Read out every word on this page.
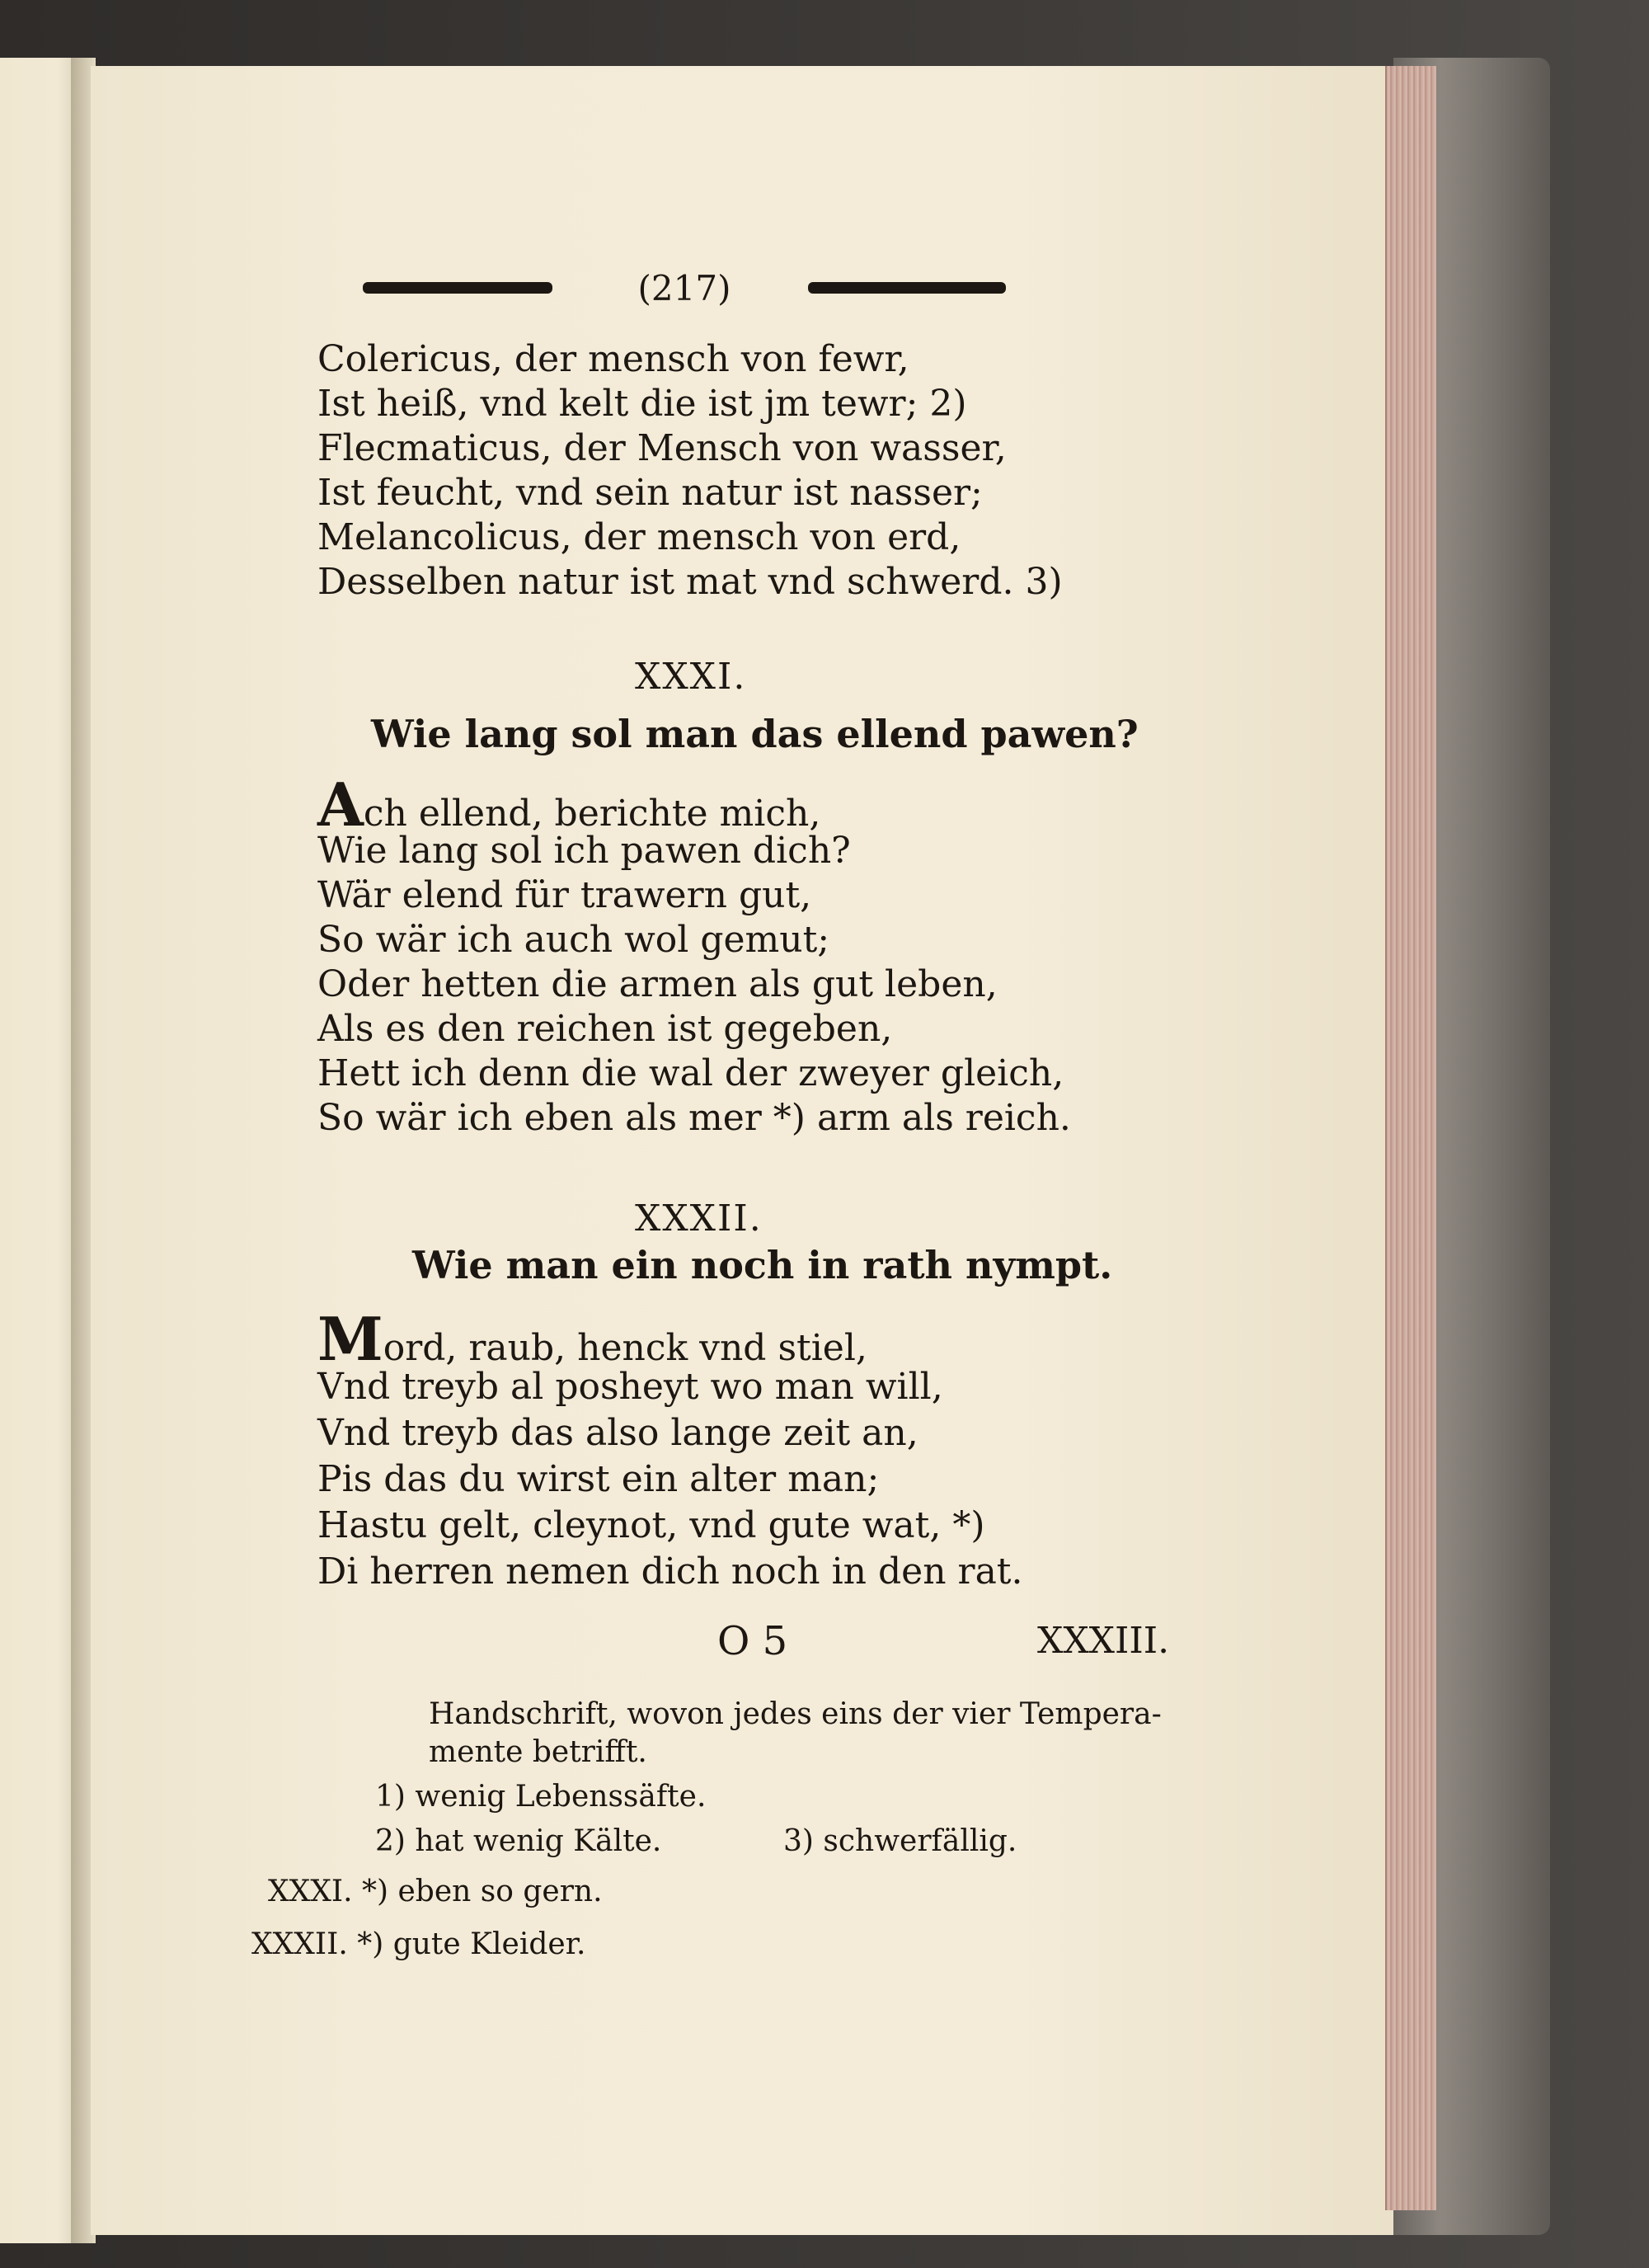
(217)
Colericus, der mensch von fewr,
Ist heiß, vnd kelt die ist jm tewr; 2)
Flecmaticus, der Mensch von wasser,
Ist feucht, vnd sein natur ist nasser;
Melancolicus, der mensch von erd,
Desselben natur ist mat vnd schwerd. 3)
XXXI.
Wie lang sol man das ellend pawen?
Ach ellend, berichte mich,
Wie lang sol ich pawen dich?
Wär elend für trawern gut,
So wär ich auch wol gemut;
Oder hetten die armen als gut leben,
Als es den reichen ist gegeben,
Hett ich denn die wal der zweyer gleich,
So wär ich eben als mer *) arm als reich.
XXXII.
Wie man ein noch in rath nympt.
Mord, raub, henck vnd stiel,
Vnd treyb al posheyt wo man will,
Vnd treyb das also lange zeit an,
Pis das du wirst ein alter man;
Hastu gelt, cleynot, vnd gute wat, *)
Di herren nemen dich noch in den rat.
O 5	XXXIII.
Handschrift, wovon jedes eins der vier Tempera-
mente betrifft.
1) wenig Lebenssäfte.
2) hat wenig Kälte.	3) schwerfällig.
XXXI. *) eben so gern.
XXXII. *) gute Kleider.
